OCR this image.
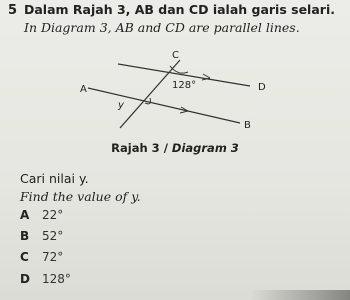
5 Dalam Rajah 3, AB dan CD ialah garis selari.
In Diagram 3, AB and CD are parallel lines.
C
D
A
B
128°
y
Rajah 3 / Diagram 3
Cari nilai y.
Find the value of y.
A 22°
B 52°
C 72°
D 128°
